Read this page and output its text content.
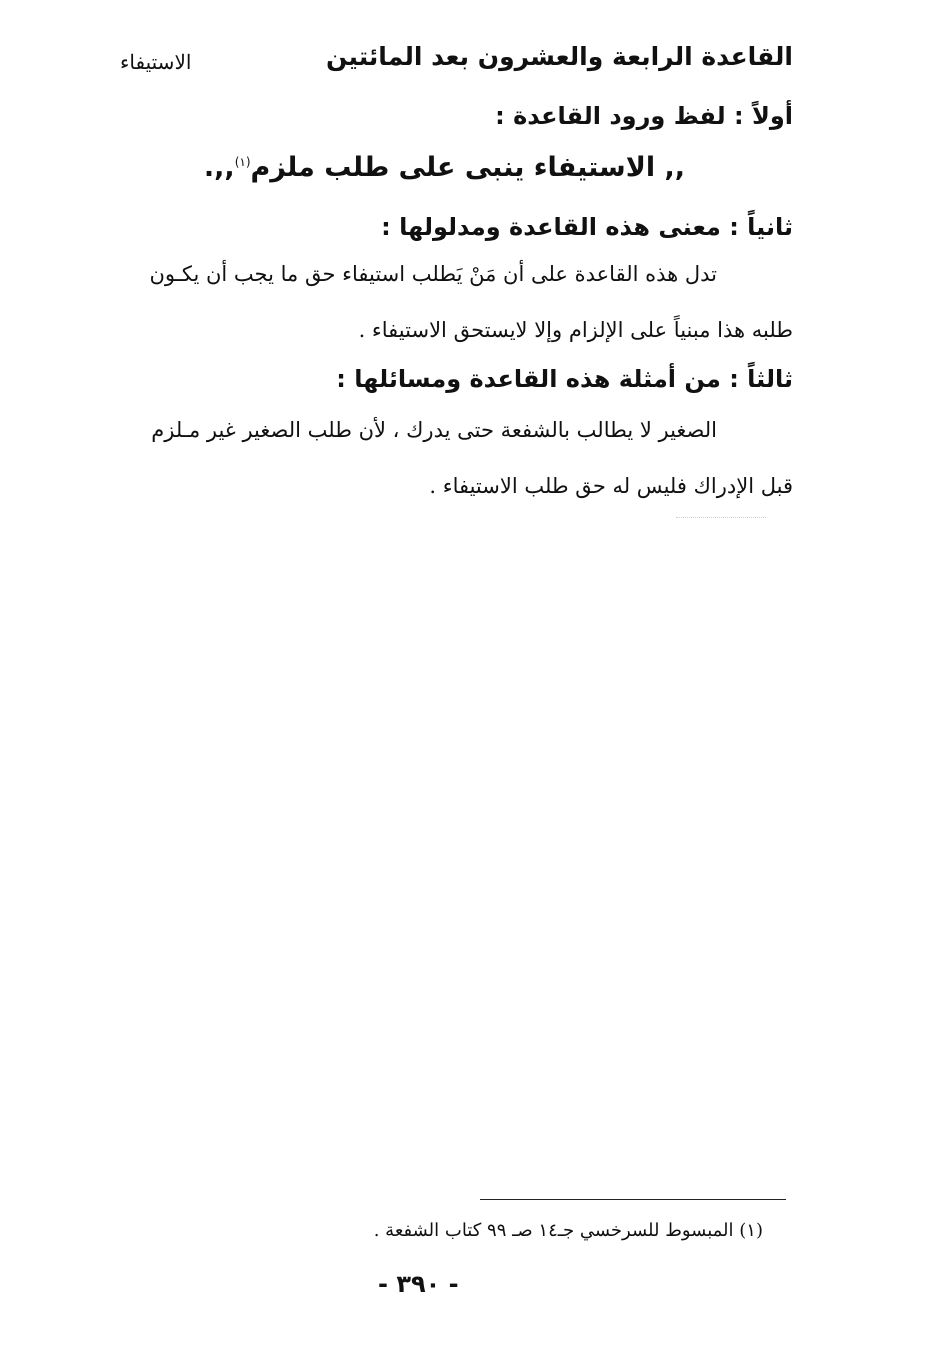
القاعدة الرابعة والعشرون بعد المائتين
الاستيفاء
أولاً : لفظ ورود القاعدة :
,, الاستيفاء ينبى على طلب ملزم$^{(١)}$,,.
ثانياً : معنى هذه القاعدة ومدلولها :
تدل هذه القاعدة على أن مَنْ يَطلب استيفاء حق ما يجب أن يكـون
طلبه هذا مبنياً على الإلزام وإلا لايستحق الاستيفاء .
ثالثاً : من أمثلة هذه القاعدة ومسائلها :
الصغير لا يطالب بالشفعة حتى يدرك ، لأن طلب الصغير غير مـلزم
قبل الإدراك فليس له حق طلب الاستيفاء .
(١) المبسوط للسرخسي جـ١٤ صـ ٩٩ كتاب الشفعة .
- ٣٩٠ -
